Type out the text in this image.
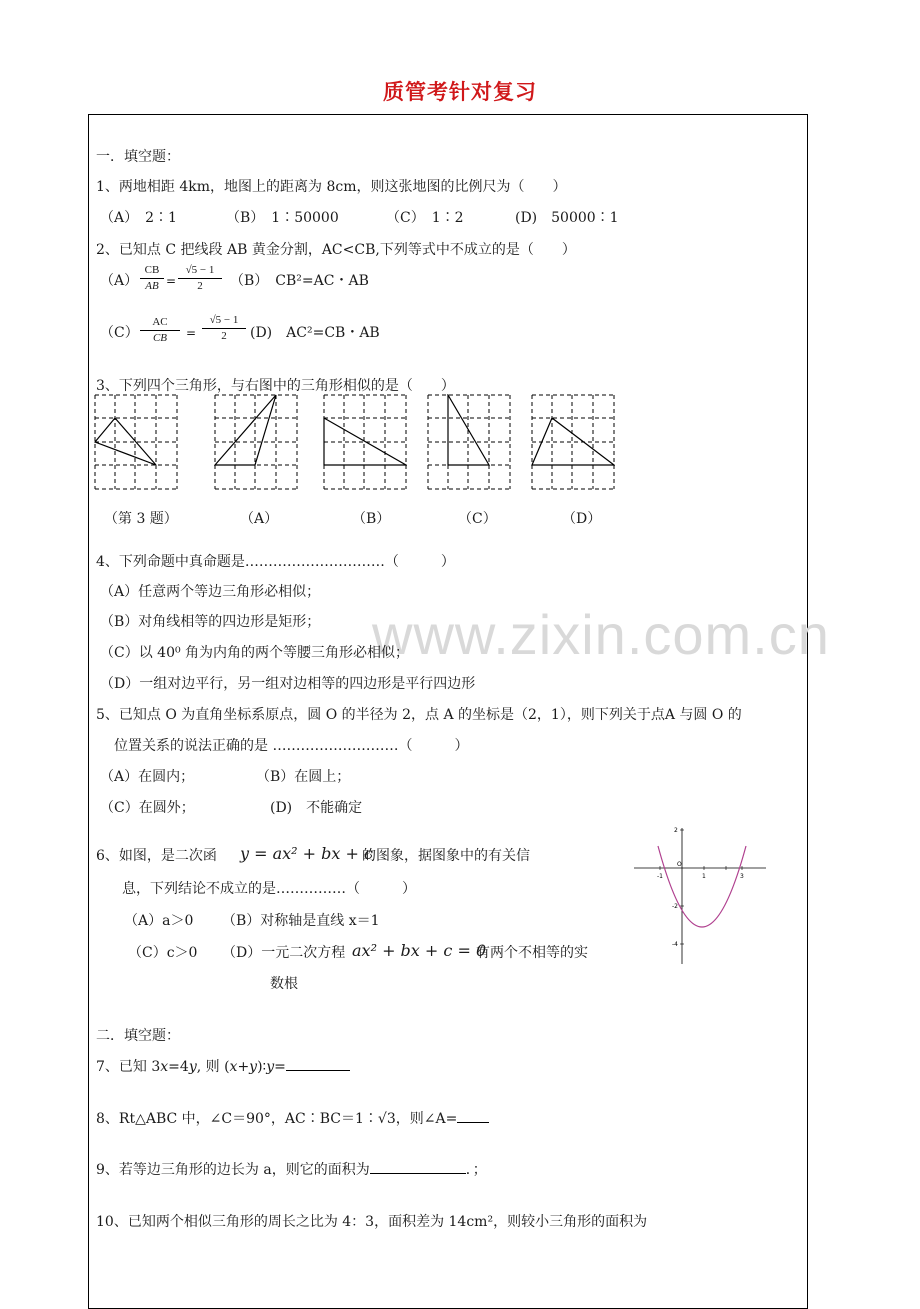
质管考针对复习
www.zixin.com.cn
一．填空题：
1、两地相距 4km，地图上的距离为 8cm，则这张地图的比例尺为（　　）
（A）　2∶1	（B）　1∶50000	（C）　1∶2	(D)　50000∶1
2、已知点 C 把线段 AB 黄金分割，AC<CB,下列等式中不成立的是（　　）
（A）
CB
AB =
√5 − 1
2	（B）　CB²=AC・AB
（C）
AC
CB	=
√5 − 1
2	(D)　AC²=CB・AB
3、下列四个三角形，与右图中的三角形相似的是（　　）
（第 3 题）	（A）	（B）	（C）	（D）
4、下列命题中真命题是…………………………（　　　）
（A）任意两个等边三角形必相似；
（B）对角线相等的四边形是矩形；
（C）以 40⁰ 角为内角的两个等腰三角形必相似；
（D）一组对边平行，另一组对边相等的四边形是平行四边形
5、已知点 O 为直角坐标系原点，圆 O 的半径为 2，点 A 的坐标是（2，1），则下列关于点A 与圆 O 的
位置关系的说法正确的是 ………………………（　　　）
（A）在圆内；	（B）在圆上；
（C）在圆外；	(D)　不能确定
6、如图，是二次函 y = ax² + bx + c
的图象，据图象中的有关信
息，下列结论不成立的是……………（　　　）
（A）a＞0 （B）对称轴是直线 x＝1
（C）c＞0 （D）一元二次方程 ax² + bx + c = 0
有两个不相等的实
数根
-1	1	3
2
-2
-4
O
二．填空题：
7、已知 3x=4y, 则 (x+y)∶y=
8、Rt△ABC 中，∠C＝90°，AC∶BC＝1∶√3，则∠A=
9、若等边三角形的边长为 a，则它的面积为	．；
10、已知两个相似三角形的周长之比为 4：3，面积差为 14cm²，则较小三角形的面积为
